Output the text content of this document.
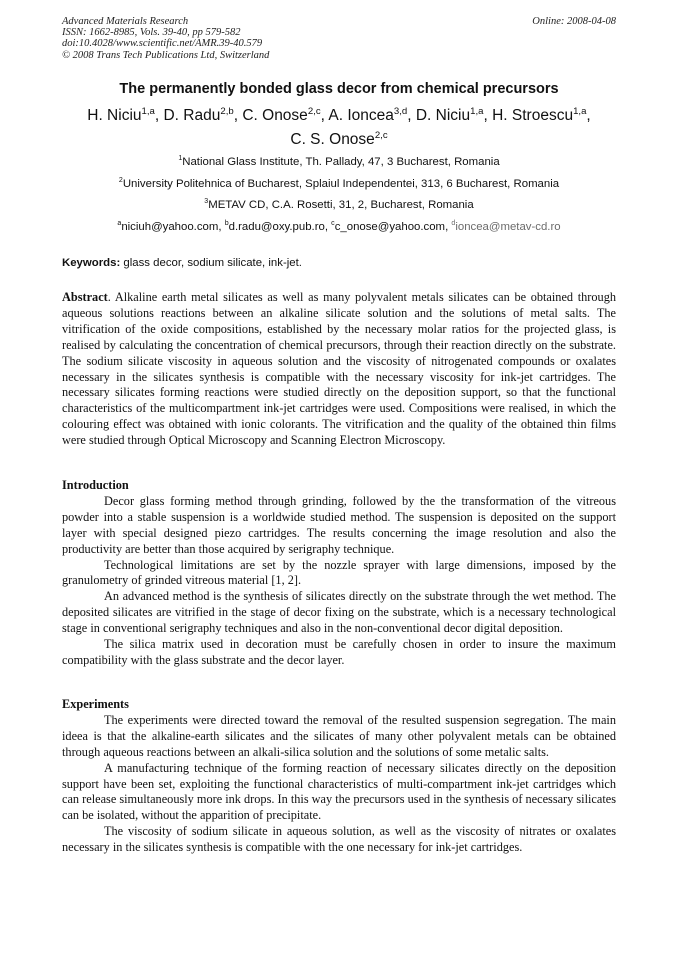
Advanced Materials Research
ISSN: 1662-8985, Vols. 39-40, pp 579-582
doi:10.4028/www.scientific.net/AMR.39-40.579
© 2008 Trans Tech Publications Ltd, Switzerland
Online: 2008-04-08
The permanently bonded glass decor from chemical precursors
H. Niciu$^{1,a}$, D. Radu$^{2,b}$, C. Onose$^{2,c}$, A. Ioncea$^{3,d}$, D. Niciu$^{1,a}$, H. Stroescu$^{1,a}$,
C. S. Onose$^{2,c}$
$^1$National Glass Institute, Th. Pallady, 47, 3 Bucharest, Romania
$^2$University Politehnica of Bucharest, Splaiul Independentei, 313, 6 Bucharest, Romania
$^3$METAV CD, C.A. Rosetti, 31, 2, Bucharest, Romania
$^a$niciuh@yahoo.com, $^b$d.radu@oxy.pub.ro, $^c$c_onose@yahoo.com, $^d$ioncea@metav-cd.ro
Keywords: glass decor, sodium silicate, ink-jet.

Abstract. Alkaline earth metal silicates as well as many polyvalent metals silicates can be obtained through aqueous solutions reactions between an alkaline silicate solution and the solutions of metal salts. The vitrification of the oxide compositions, established by the necessary molar ratios for the projected glass, is realised by calculating the concentration of chemical precursors, through their reaction directly on the substrate. The sodium silicate viscosity in aqueous solution and the viscosity of nitrogenated compounds or oxalates necessary in the silicates synthesis is compatible with the necessary viscosity for ink-jet cartridges. The necessary silicates forming reactions were studied directly on the deposition support, so that the functional characteristics of the multicompartment ink-jet cartridges were used. Compositions were realised, in which the colouring effect was obtained with ionic colorants. The vitrification and the quality of the obtained thin films were studied through Optical Microscopy and Scanning Electron Microscopy.

Introduction

Decor glass forming method through grinding, followed by the the transformation of the vitreous powder into a stable suspension is a worldwide studied method. The suspension is deposited on the support layer with special designed piezo cartridges. The results concerning the image resolution and also the productivity are better than those acquired by serigraphy technique.

Technological limitations are set by the nozzle sprayer with large dimensions, imposed by the granulometry of grinded vitreous material [1, 2].

An advanced method is the synthesis of silicates directly on the substrate through the wet method. The deposited silicates are vitrified in the stage of decor fixing on the substrate, which is a necessary technological stage in conventional serigraphy techniques and also in the non-conventional decor digital deposition.

The silica matrix used in decoration must be carefully chosen in order to insure the maximum compatibility with the glass substrate and the decor layer.

Experiments

The experiments were directed toward the removal of the resulted suspension segregation. The main ideea is that the alkaline-earth silicates and the silicates of many other polyvalent metals can be obtained through aqueous reactions between an alkali-silica solution and the solutions of some metalic salts.

A manufacturing technique of the forming reaction of necessary silicates directly on the deposition support have been set, exploiting the functional characteristics of multi-compartment ink-jet cartridges which can release simultaneously more ink drops. In this way the precursors used in the synthesis of necessary silicates can be isolated, without the apparition of precipitate.

The viscosity of sodium silicate in aqueous solution, as well as the viscosity of nitrates or oxalates necessary in the silicates synthesis is compatible with the one necessary for ink-jet cartridges.
